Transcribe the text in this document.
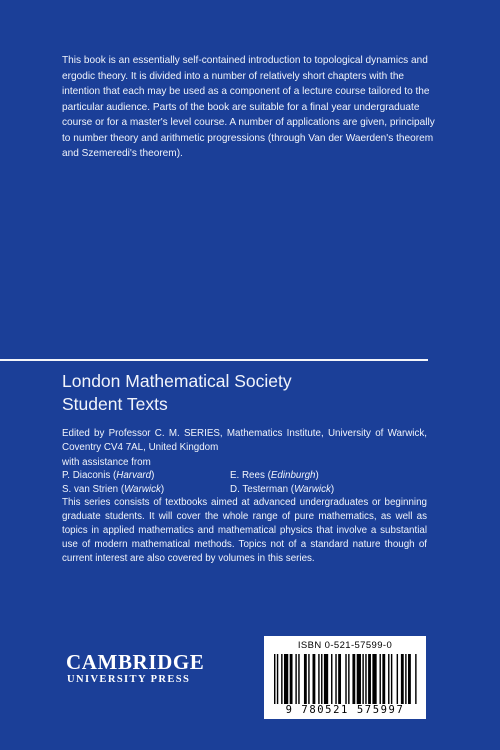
This book is an essentially self-contained introduction to topological dynamics and ergodic theory. It is divided into a number of relatively short chapters with the intention that each may be used as a component of a lecture course tailored to the particular audience. Parts of the book are suitable for a final year undergraduate course or for a master's level course. A number of applications are given, principally to number theory and arithmetic progressions (through Van der Waerden's theorem and Szemeredi's theorem).

London Mathematical Society
Student Texts
Edited by Professor C. M. SERIES, Mathematics Institute, University of Warwick, Coventry CV4 7AL, United Kingdom
with assistance from
P. Diaconis (Harvard)	E. Rees (Edinburgh)
S. van Strien (Warwick)	D. Testerman (Warwick)
This series consists of textbooks aimed at advanced undergraduates or beginning graduate students. It will cover the whole range of pure mathematics, as well as topics in applied mathematics and mathematical physics that involve a substantial use of modern mathematical methods. Topics not of a standard nature though of current interest are also covered by volumes in this series.
CAMBRIDGE
UNIVERSITY PRESS
ISBN 0-521-57599-0
9 780521 575997
